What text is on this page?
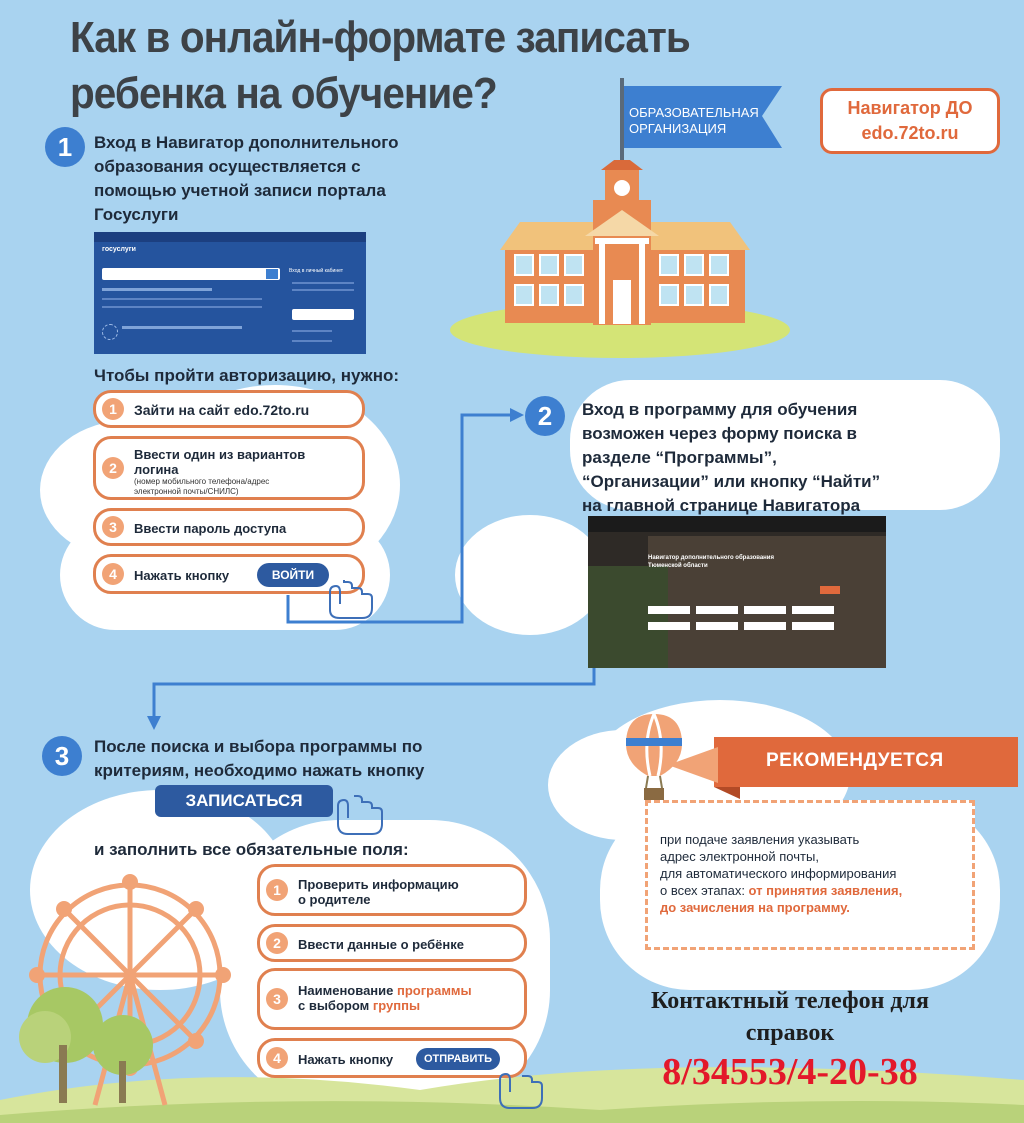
Как в онлайн-формате записать
ребенка на обучение?	ОБРАЗОВАТЕЛЬНАЯ
ОРГАНИЗАЦИЯ
Навигатор ДО
edo.72to.ru
1	Вход в Навигатор дополнительного
образования осуществляется с
помощью учетной записи портала
Госуслуги
госуслуги
Вход в личный кабинет
Чтобы пройти авторизацию, нужно:
1	Зайти на сайт edo.72to.ru
2
Ввести один из вариантов
логина
(номер мобильного телефона/адрес
электронной почты/СНИЛС)
3	Ввести пароль доступа
4	Нажать кнопку	ВОЙТИ
2	Вход в программу для обучения
возможен через форму поиска в
разделе “Программы”,
“Организации” или кнопку “Найти”
на главной странице Навигатора
Навигатор дополнительного образования Тюменской области
3	После поиска и выбора программы по
критериям, необходимо нажать кнопку
ЗАПИСАТЬСЯ
и заполнить все обязательные поля:
1	Проверить информацию
о родителе
2	Ввести данные о ребёнке
3
Наименование программы
с выбором группы
4	Нажать кнопку	ОТПРАВИТЬ
РЕКОМЕНДУЕТСЯ
при подаче заявления указывать
адрес электронной почты,
для автоматического информирования
о всех этапах: от принятия заявления,
до зачисления на программу.
Контактный телефон для
справок
8/34553/4-20-38
